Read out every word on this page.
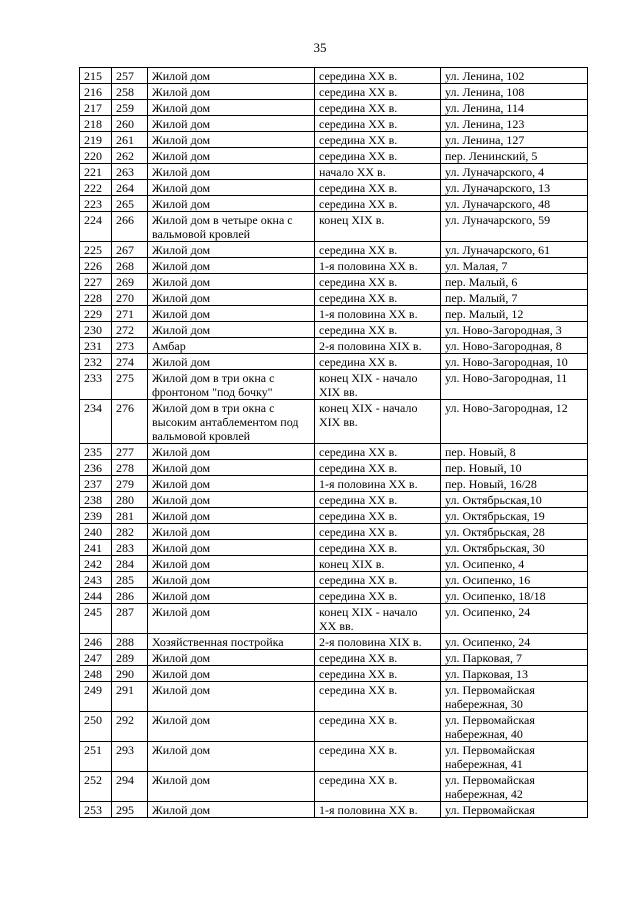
35
215	257	Жилой дом	середина XX в.	ул. Ленина, 102
216	258	Жилой дом	середина XX в.	ул. Ленина, 108
217	259	Жилой дом	середина XX в.	ул. Ленина, 114
218	260	Жилой дом	середина XX в.	ул. Ленина, 123
219	261	Жилой дом	середина XX в.	ул. Ленина, 127
220	262	Жилой дом	середина XX в.	пер. Ленинский, 5
221	263	Жилой дом	начало XX в.	ул. Луначарского, 4
222	264	Жилой дом	середина XX в.	ул. Луначарского, 13
223	265	Жилой дом	середина XX в.	ул. Луначарского, 48
224	266	Жилой дом в четыре окна с вальмовой кровлей	конец XIX в.	ул. Луначарского, 59
225	267	Жилой дом	середина XX в.	ул. Луначарского, 61
226	268	Жилой дом	1-я половина XX в.	ул. Малая, 7
227	269	Жилой дом	середина XX в.	пер. Малый, 6
228	270	Жилой дом	середина XX в.	пер. Малый, 7
229	271	Жилой дом	1-я половина XX в.	пер. Малый, 12
230	272	Жилой дом	середина XX в.	ул. Ново-Загородная, 3
231	273	Амбар	2-я половина XIX в.	ул. Ново-Загородная, 8
232	274	Жилой дом	середина XX в.	ул. Ново-Загородная, 10
233	275	Жилой дом в три окна с фронтоном "под бочку"	конец XIX - начало XIX вв.	ул. Ново-Загородная, 11
234	276	Жилой дом в три окна с высоким антаблементом под вальмовой кровлей	конец XIX - начало XIX вв.	ул. Ново-Загородная, 12
235	277	Жилой дом	середина XX в.	пер. Новый, 8
236	278	Жилой дом	середина XX в.	пер. Новый, 10
237	279	Жилой дом	1-я половина XX в.	пер. Новый, 16/28
238	280	Жилой дом	середина XX в.	ул. Октябрьская,10
239	281	Жилой дом	середина XX в.	ул. Октябрьская, 19
240	282	Жилой дом	середина XX в.	ул. Октябрьская, 28
241	283	Жилой дом	середина XX в.	ул. Октябрьская, 30
242	284	Жилой дом	конец XIX в.	ул. Осипенко, 4
243	285	Жилой дом	середина XX в.	ул. Осипенко, 16
244	286	Жилой дом	середина XX в.	ул. Осипенко, 18/18
245	287	Жилой дом	конец XIX - начало XX вв.	ул. Осипенко, 24
246	288	Хозяйственная постройка	2-я половина XIX в.	ул. Осипенко, 24
247	289	Жилой дом	середина XX в.	ул. Парковая, 7
248	290	Жилой дом	середина XX в.	ул. Парковая, 13
249	291	Жилой дом	середина XX в.	ул. Первомайская набережная, 30
250	292	Жилой дом	середина XX в.	ул. Первомайская набережная, 40
251	293	Жилой дом	середина XX в.	ул. Первомайская набережная, 41
252	294	Жилой дом	середина XX в.	ул. Первомайская набережная, 42
253	295	Жилой дом	1-я половина XX в.	ул. Первомайская
